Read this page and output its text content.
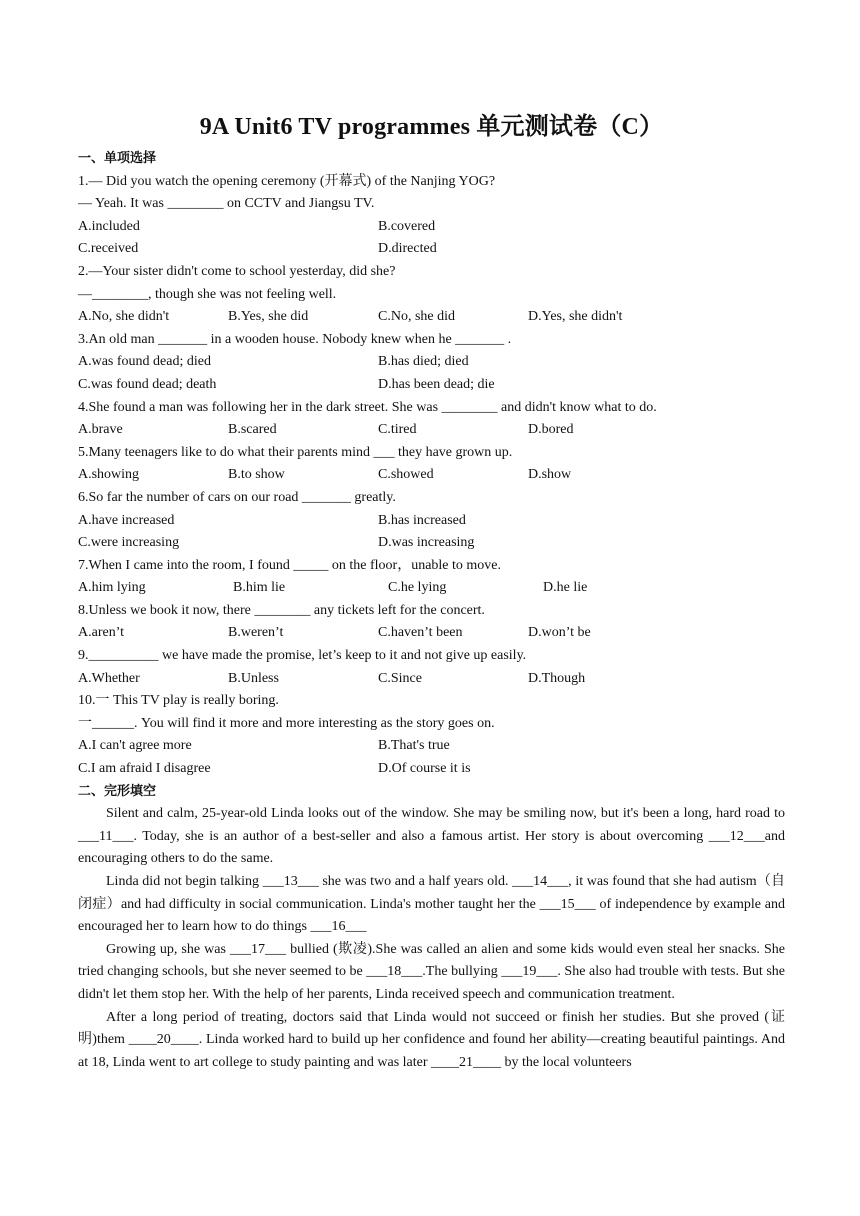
9A Unit6 TV programmes 单元测试卷（C）
一、单项选择
1.— Did you watch the opening ceremony (开幕式) of the Nanjing YOG?
— Yeah. It was ________ on CCTV and Jiangsu TV.
A.included	B.covered
C.received	D.directed
2.—Your sister didn't come to school yesterday, did she?
—________, though she was not feeling well.
A.No, she didn't	B.Yes, she did	C.No, she did	D.Yes, she didn't
3.An old man _______ in a wooden house. Nobody knew when he _______ .
A.was found dead; died	B.has died; died
C.was found dead; death	D.has been dead; die
4.She found a man was following her in the dark street. She was ________ and didn't know what to do.
A.brave	B.scared	C.tired	D.bored
5.Many teenagers like to do what their parents mind ___ they have grown up.
A.showing	B.to show	C.showed	D.show
6.So far the number of cars on our road _______ greatly.
A.have increased	B.has increased
C.were increasing	D.was increasing
7.When I came into the room, I found _____ on the floor，unable to move.
A.him lying	B.him lie	C.he lying	D.he lie
8.Unless we book it now, there ________ any tickets left for the concert.
A.aren’t	B.weren’t	C.haven’t been	D.won’t be
9.__________ we have made the promise, let’s keep to it and not give up easily.
A.Whether	B.Unless	C.Since	D.Though
10.一 This TV play is really boring.
一______. You will find it more and more interesting as the story goes on.
A.I can't agree more	B.That's true
C.I am afraid I disagree	D.Of course it is
二、完形填空

Silent and calm, 25-year-old Linda looks out of the window. She may be smiling now, but it's been a long, hard road to ___11___. Today, she is an author of a best-seller and also a famous artist. Her story is about overcoming ___12___and encouraging others to do the same.

Linda did not begin talking ___13___ she was two and a half years old. ___14___, it was found that she had autism（自闭症）and had difficulty in social communication. Linda's mother taught her the ___15___ of independence by example and encouraged her to learn how to do things ___16___

Growing up, she was ___17___ bullied (欺凌).She was called an alien and some kids would even steal her snacks. She tried changing schools, but she never seemed to be ___18___.The bullying ___19___. She also had trouble with tests. But she didn't let them stop her. With the help of her parents, Linda received speech and communication treatment.

After a long period of treating, doctors said that Linda would not succeed or finish her studies. But she proved (证明)them ____20____. Linda worked hard to build up her confidence and found her ability—creating beautiful paintings. And at 18, Linda went to art college to study painting and was later ____21____ by the local volunteers
